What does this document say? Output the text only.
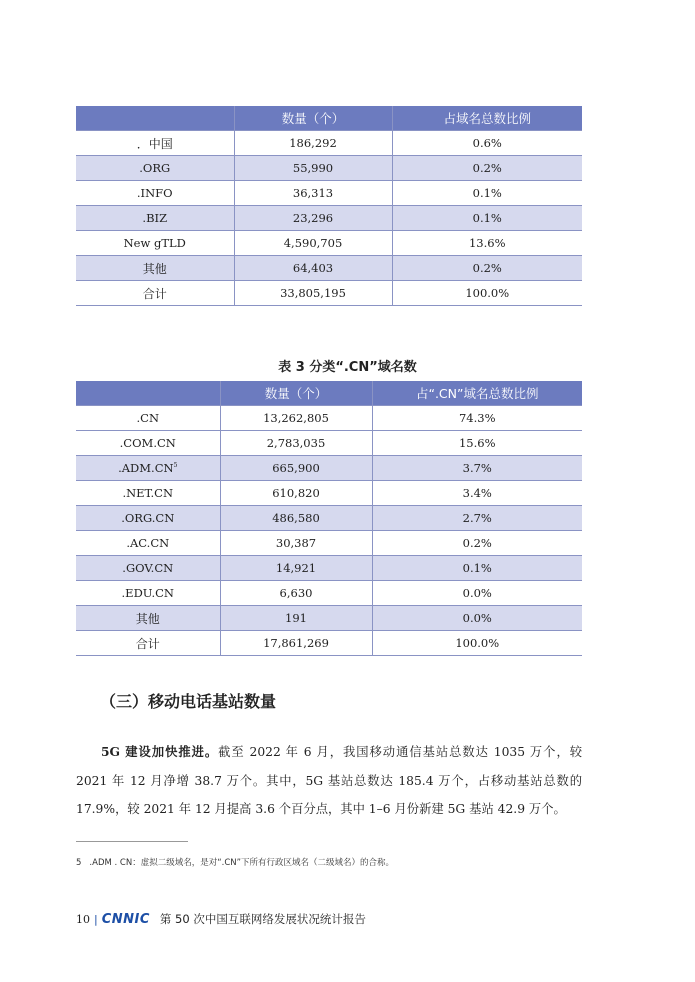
	数量（个）	占域名总数比例
．中国	186,292	0.6%
.ORG	55,990	0.2%
.INFO	36,313	0.1%
.BIZ	23,296	0.1%
New gTLD	4,590,705	13.6%
其他	64,403	0.2%
合计	33,805,195	100.0%
表 3 分类“.CN”域名数
	数量（个）	占“.CN”域名总数比例
.CN	13,262,805	74.3%
.COM.CN	2,783,035	15.6%
$.ADM.CN^5$	665,900	3.7%
.NET.CN	610,820	3.4%
.ORG.CN	486,580	2.7%
.AC.CN	30,387	0.2%
.GOV.CN	14,921	0.1%
.EDU.CN	6,630	0.0%
其他	191	0.0%
合计	17,861,269	100.0%
（三）移动电话基站数量

5G 建设加快推进。截至 2022 年 6 月，我国移动通信基站总数达 1035 万个，较 2021 年 12 月净增 38.7 万个。其中，5G 基站总数达 185.4 万个，占移动基站总数的 17.9%，较 2021 年 12 月提高 3.6 个百分点，其中 1–6 月份新建 5G 基站 42.9 万个。

5 .ADM . CN：虚拟二级域名，是对“.CN”下所有行政区域名（二级域名）的合称。
10 | CNNIC 第 50 次中国互联网络发展状况统计报告
